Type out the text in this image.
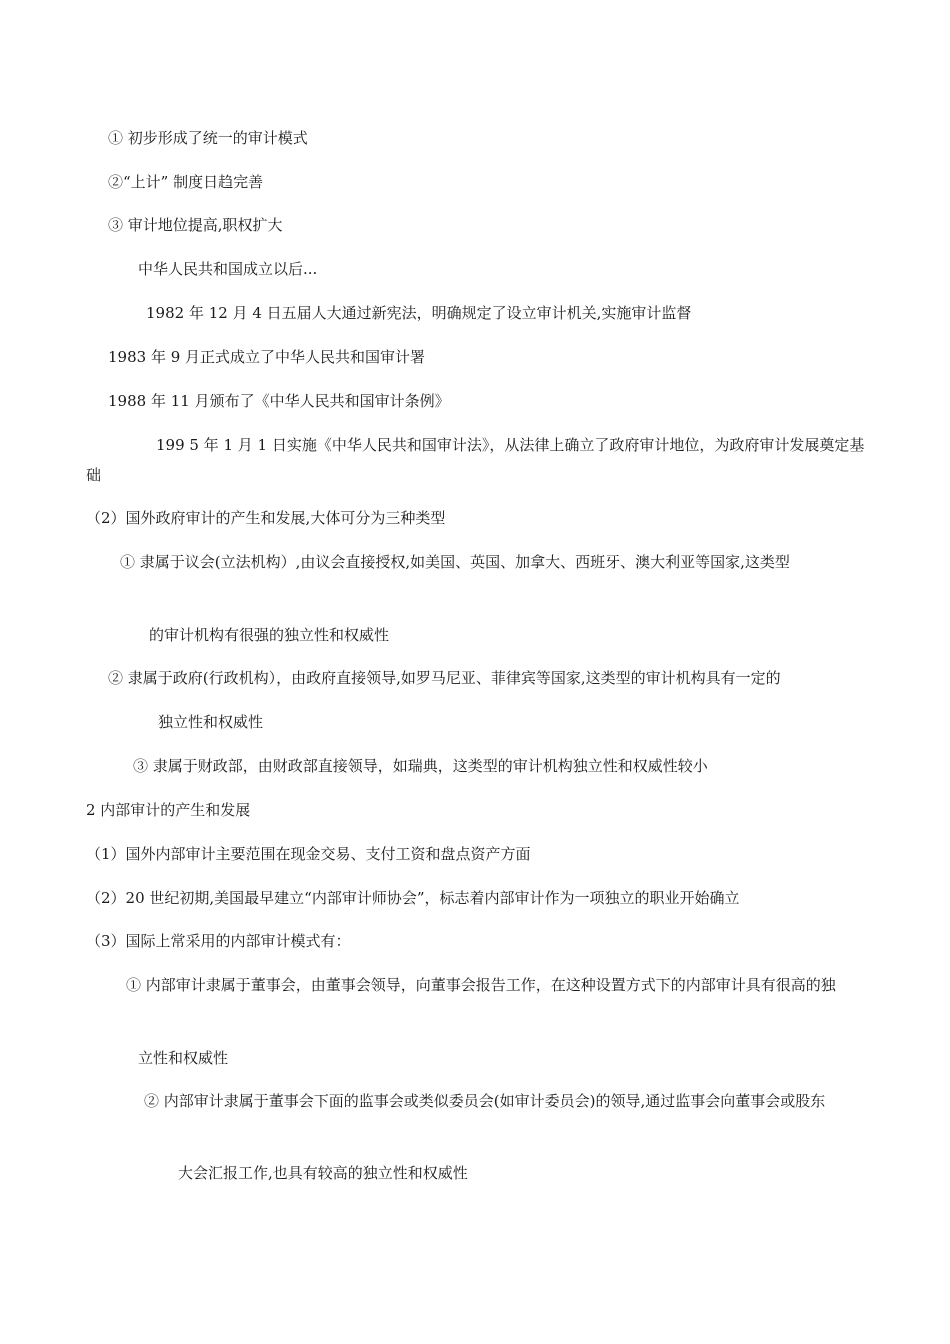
① 初步形成了统一的审计模式
②“上计” 制度日趋完善
③ 审计地位提高,职权扩大
中华人民共和国成立以后...
1982 年 12 月 4 日五届人大通过新宪法，明确规定了设立审计机关,实施审计监督
1983 年 9 月正式成立了中华人民共和国审计署
1988 年 11 月颁布了《中华人民共和国审计条例》
199 5 年 1 月 1 日实施《中华人民共和国审计法》，从法律上确立了政府审计地位，为政府审计发展奠定基础
（2）国外政府审计的产生和发展,大体可分为三种类型
① 隶属于议会(立法机构）,由议会直接授权,如美国、英国、加拿大、西班牙、澳大利亚等国家,这类型
的审计机构有很强的独立性和权威性
② 隶属于政府(行政机构），由政府直接领导,如罗马尼亚、菲律宾等国家,这类型的审计机构具有一定的
独立性和权威性
③ 隶属于财政部，由财政部直接领导，如瑞典，这类型的审计机构独立性和权威性较小
2 内部审计的产生和发展
（1）国外内部审计主要范围在现金交易、支付工资和盘点资产方面
（2）20 世纪初期,美国最早建立“内部审计师协会”，标志着内部审计作为一项独立的职业开始确立
（3）国际上常采用的内部审计模式有：
① 内部审计隶属于董事会，由董事会领导，向董事会报告工作，在这种设置方式下的内部审计具有很高的独
立性和权威性
② 内部审计隶属于董事会下面的监事会或类似委员会(如审计委员会)的领导,通过监事会向董事会或股东
大会汇报工作,也具有较高的独立性和权威性
